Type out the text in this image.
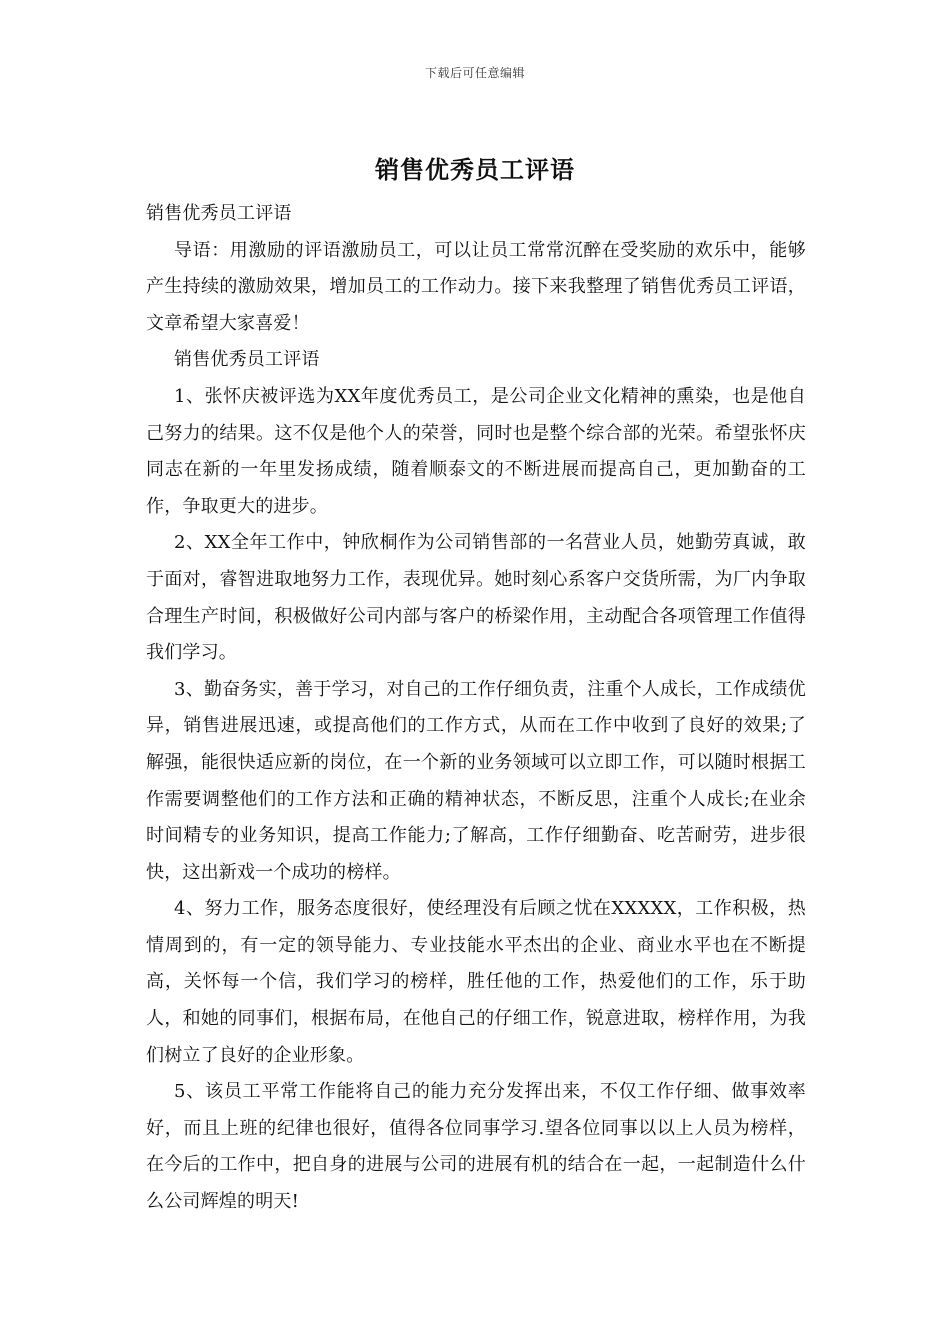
下载后可任意编辑
销售优秀员工评语

销售优秀员工评语

导语：用激励的评语激励员工，可以让员工常常沉醉在受奖励的欢乐中，能够产生持续的激励效果，增加员工的工作动力。接下来我整理了销售优秀员工评语，文章希望大家喜爱！

销售优秀员工评语

1、张怀庆被评选为XX年度优秀员工，是公司企业文化精神的熏染，也是他自己努力的结果。这不仅是他个人的荣誉，同时也是整个综合部的光荣。希望张怀庆同志在新的一年里发扬成绩，随着顺泰文的不断进展而提高自己，更加勤奋的工作，争取更大的进步。

2、XX全年工作中，钟欣桐作为公司销售部的一名营业人员，她勤劳真诚，敢于面对，睿智进取地努力工作，表现优异。她时刻心系客户交货所需，为厂内争取合理生产时间，积极做好公司内部与客户的桥梁作用，主动配合各项管理工作值得我们学习。

3、勤奋务实，善于学习，对自己的工作仔细负责，注重个人成长，工作成绩优异，销售进展迅速，或提高他们的工作方式，从而在工作中收到了良好的效果;了解强，能很快适应新的岗位，在一个新的业务领域可以立即工作，可以随时根据工作需要调整他们的工作方法和正确的精神状态，不断反思，注重个人成长;在业余时间精专的业务知识，提高工作能力;了解高，工作仔细勤奋、吃苦耐劳，进步很快，这出新戏一个成功的榜样。

4、努力工作，服务态度很好，使经理没有后顾之忧在XXXXX，工作积极，热情周到的，有一定的领导能力、专业技能水平杰出的企业、商业水平也在不断提高，关怀每一个信，我们学习的榜样，胜任他的工作，热爱他们的工作，乐于助人，和她的同事们，根据布局，在他自己的仔细工作，锐意进取，榜样作用，为我们树立了良好的企业形象。

5、该员工平常工作能将自己的能力充分发挥出来，不仅工作仔细、做事效率好，而且上班的纪律也很好，值得各位同事学习.望各位同事以以上人员为榜样，在今后的工作中，把自身的进展与公司的进展有机的结合在一起，一起制造什么什么公司辉煌的明天!
